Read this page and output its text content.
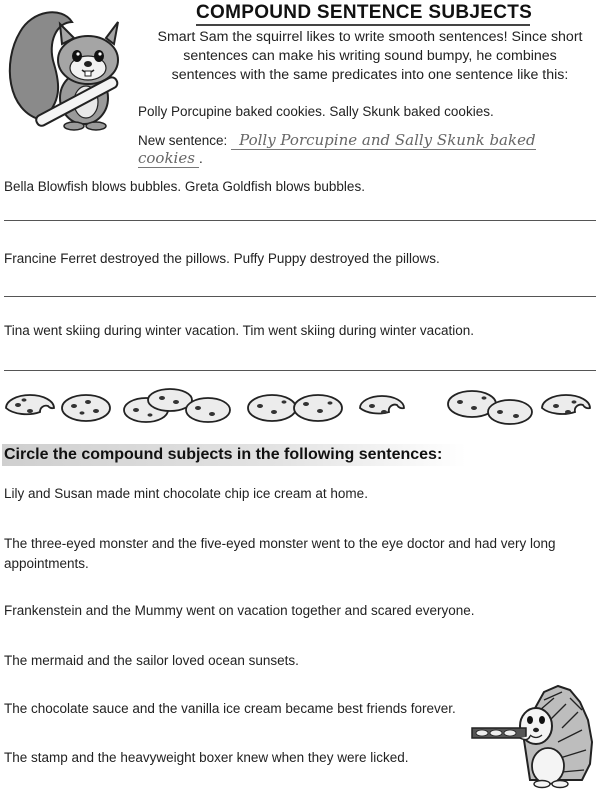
COMPOUND SENTENCE SUBJECTS
Smart Sam the squirrel likes to write smooth sentences! Since short sentences can make his writing sound bumpy, he combines sentences with the same predicates into one sentence like this:
Polly Porcupine baked cookies. Sally Skunk baked cookies.
New sentence: Polly Porcupine and Sally Skunk baked cookies .
Bella Blowfish blows bubbles. Greta Goldfish blows bubbles.
Francine Ferret destroyed the pillows. Puffy Puppy destroyed the pillows.
Tina went skiing during winter vacation. Tim went skiing during winter vacation.
Circle the compound subjects in the following sentences:
Lily and Susan made mint chocolate chip ice cream at home.
The three-eyed monster and the five-eyed monster went to the eye doctor and had very long appointments.
Frankenstein and the Mummy went on vacation together and scared everyone.
The mermaid and the sailor loved ocean sunsets.
The chocolate sauce and the vanilla ice cream became best friends forever.
The stamp and the heavyweight boxer knew when they were licked.
